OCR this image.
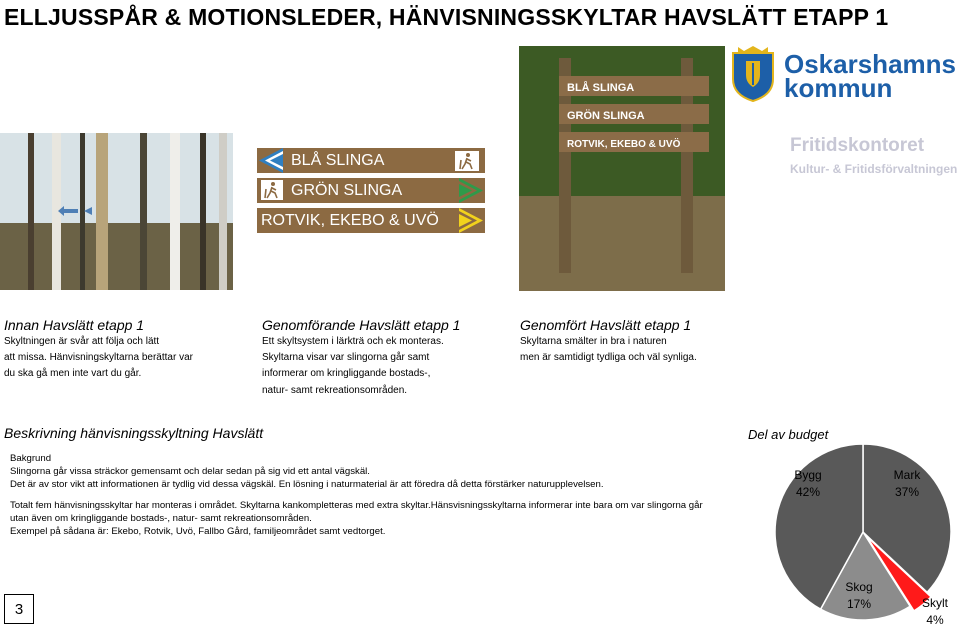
ELLJUSSPÅR & MOTIONSLEDER, HÄNVISNINGSSKYLTAR HAVSLÄTT ETAPP 1
BLÅ SLINGA
GRÖN SLINGA
ROTVIK, EKEBO & UVÖ
BLÅ SLINGA
GRÖN SLINGA
ROTVIK, EKEBO & UVÖ
Oskarshamns
kommun
Fritidskontoret
Kultur- & Fritidsförvaltningen
Innan Havslätt etapp 1
Skyltningen är svår att följa och lätt
att missa. Hänvisningskyltarna berättar var
du ska gå men inte vart du går.
Genomförande Havslätt etapp 1
Ett skyltsystem i lärkträ och ek monteras.
Skyltarna visar var slingorna går samt
informerar om kringliggande bostads-,
natur- samt rekreationsområden.
Genomfört Havslätt etapp 1
Skyltarna smälter in bra i naturen
men är samtidigt tydliga och väl synliga.
Beskrivning hänvisningsskyltning Havslätt
Bakgrund
Slingorna går vissa sträckor gemensamt och delar sedan på sig vid ett antal vägskäl.
Det är av stor vikt att informationen är tydlig vid dessa vägskäl. En lösning i naturmaterial är att föredra då detta förstärker naturupplevelsen.
Totalt fem hänvisningsskyltar har monteras i området. Skyltarna kankompletteras med extra skyltar.Hänsvisningsskyltarna informerar inte bara om var slingorna går
utan även om kringliggande bostads-, natur- samt rekreationsområden.
Exempel på sådana är: Ekebo, Rotvik, Uvö, Fallbo Gård, familjeområdet samt vedtorget.
Del av budget
3
Bygg
42%
Mark
37%
Skog
17%	Skylt
4%
